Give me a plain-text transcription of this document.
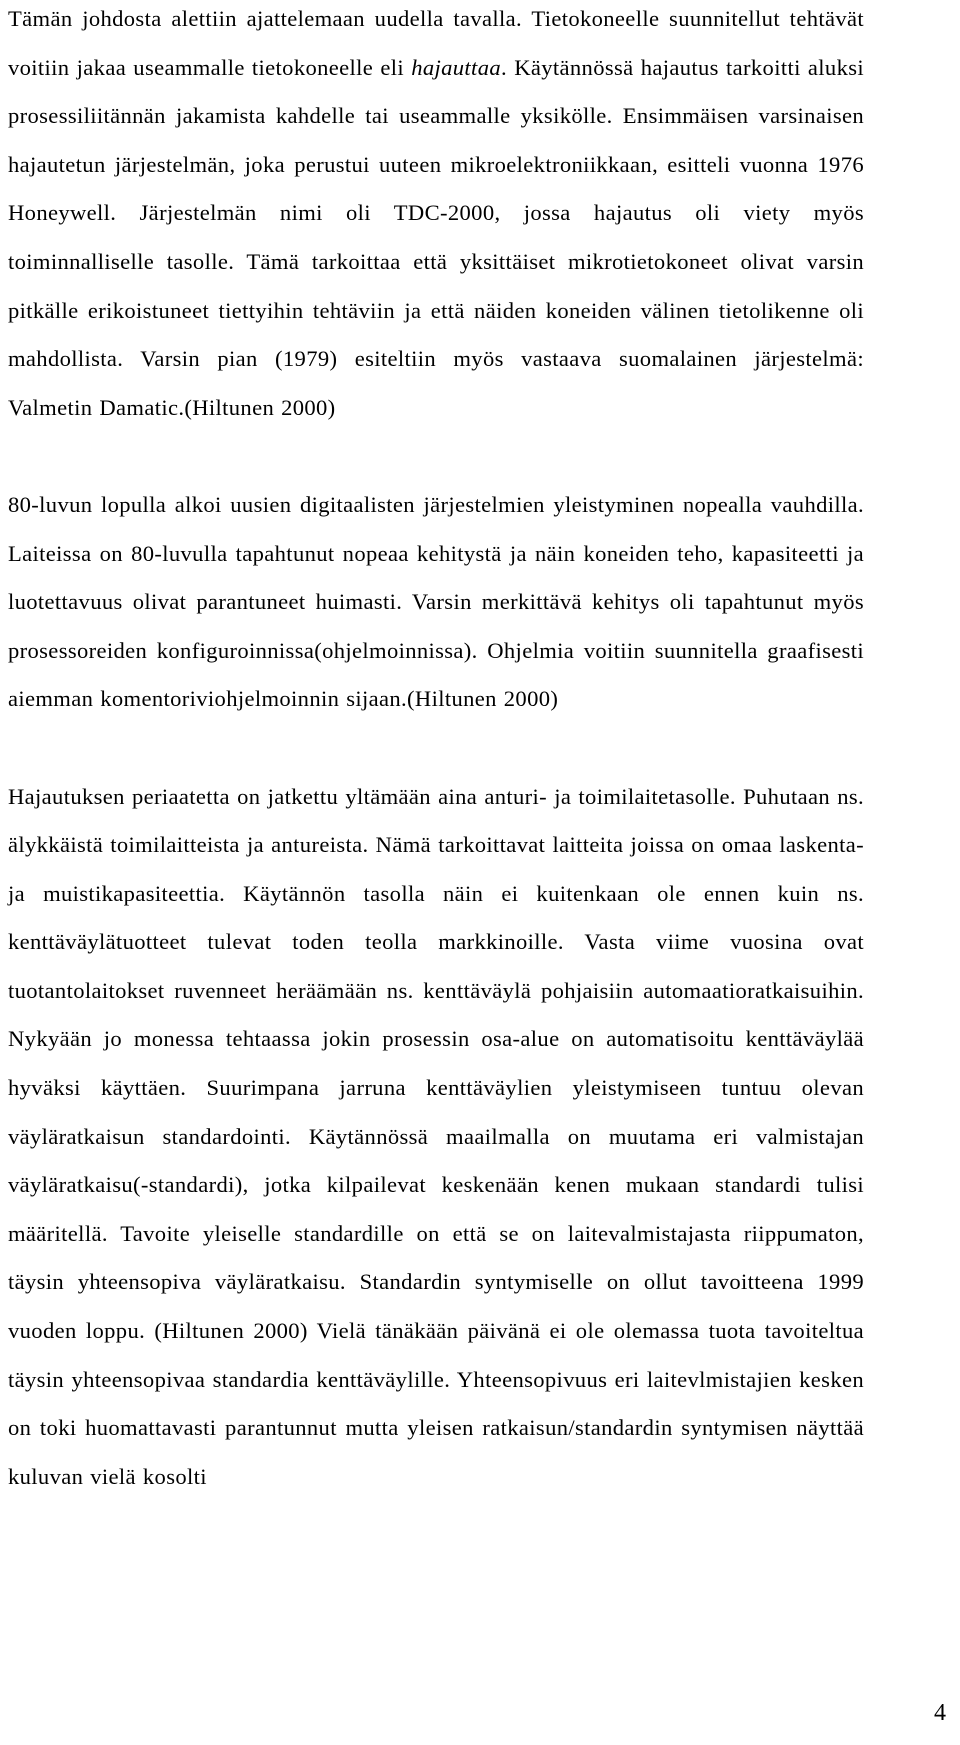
Tämän johdosta alettiin ajattelemaan uudella tavalla. Tietokoneelle suunnitellut tehtävät voitiin jakaa useammalle tietokoneelle eli hajauttaa. Käytännössä hajautus tarkoitti aluksi prosessiliitännän jakamista kahdelle tai useammalle yksikölle. Ensimmäisen varsinaisen hajautetun järjestelmän, joka perustui uuteen mikroelektroniikkaan, esitteli vuonna 1976 Honeywell. Järjestelmän nimi oli TDC-2000, jossa hajautus oli viety myös toiminnalliselle tasolle. Tämä tarkoittaa että yksittäiset mikrotietokoneet olivat varsin pitkälle erikoistuneet tiettyihin tehtäviin ja että näiden koneiden välinen tietolikenne oli mahdollista. Varsin pian (1979) esiteltiin myös vastaava suomalainen järjestelmä: Valmetin Damatic.(Hiltunen 2000)

80-luvun lopulla alkoi uusien digitaalisten järjestelmien yleistyminen nopealla vauhdilla. Laiteissa on 80-luvulla tapahtunut nopeaa kehitystä ja näin koneiden teho, kapasiteetti ja luotettavuus olivat parantuneet huimasti. Varsin merkittävä kehitys oli tapahtunut myös prosessoreiden konfiguroinnissa(ohjelmoinnissa). Ohjelmia voitiin suunnitella graafisesti aiemman komentoriviohjelmoinnin sijaan.(Hiltunen 2000)

Hajautuksen periaatetta on jatkettu yltämään aina anturi- ja toimilaitetasolle. Puhutaan ns. älykkäistä toimilaitteista ja antureista. Nämä tarkoittavat laitteita joissa on omaa laskenta- ja muistikapasiteettia. Käytännön tasolla näin ei kuitenkaan ole ennen kuin ns. kenttäväylätuotteet tulevat toden teolla markkinoille. Vasta viime vuosina ovat tuotantolaitokset ruvenneet heräämään ns. kenttäväylä pohjaisiin automaatioratkaisuihin. Nykyään jo monessa tehtaassa jokin prosessin osa-alue on automatisoitu kenttäväylää hyväksi käyttäen. Suurimpana jarruna kenttäväylien yleistymiseen tuntuu olevan väyläratkaisun standardointi. Käytännössä maailmalla on muutama eri valmistajan väyläratkaisu(-standardi), jotka kilpailevat keskenään kenen mukaan standardi tulisi määritellä. Tavoite yleiselle standardille on että se on laitevalmistajasta riippumaton, täysin yhteensopiva väyläratkaisu. Standardin syntymiselle on ollut tavoitteena 1999 vuoden loppu. (Hiltunen 2000) Vielä tänäkään päivänä ei ole olemassa tuota tavoiteltua täysin yhteensopivaa standardia kenttäväylille. Yhteensopivuus eri laitevlmistajien kesken on toki huomattavasti parantunnut mutta yleisen ratkaisun/standardin syntymisen näyttää kuluvan vielä kosolti

4
